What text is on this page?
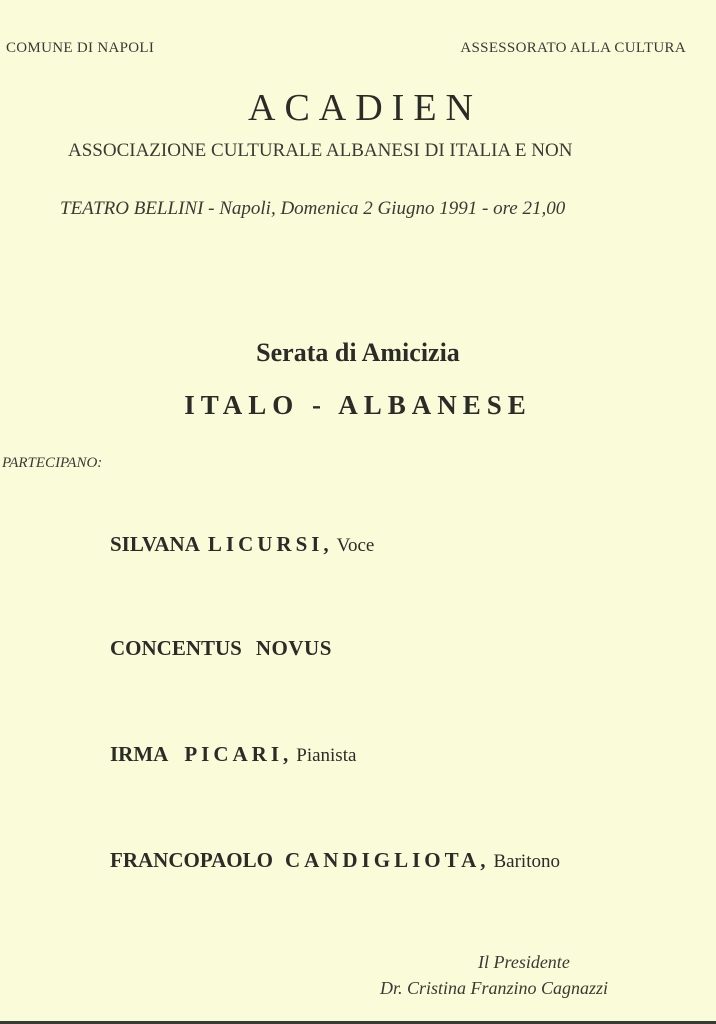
COMUNE DI NAPOLI	ASSESSORATO ALLA CULTURA
ACADIEN
ASSOCIAZIONE CULTURALE ALBANESI DI ITALIA E NON
TEATRO BELLINI - Napoli, Domenica 2 Giugno 1991 - ore 21,00
Serata di Amicizia
ITALO - ALBANESE
PARTECIPANO:
SILVANA LICURSI, Voce
CONCENTUS NOVUS
IRMA PICARI, Pianista
FRANCOPAOLO CANDIGLIOTA, Baritono
Il Presidente
Dr. Cristina Franzino Cagnazzi
